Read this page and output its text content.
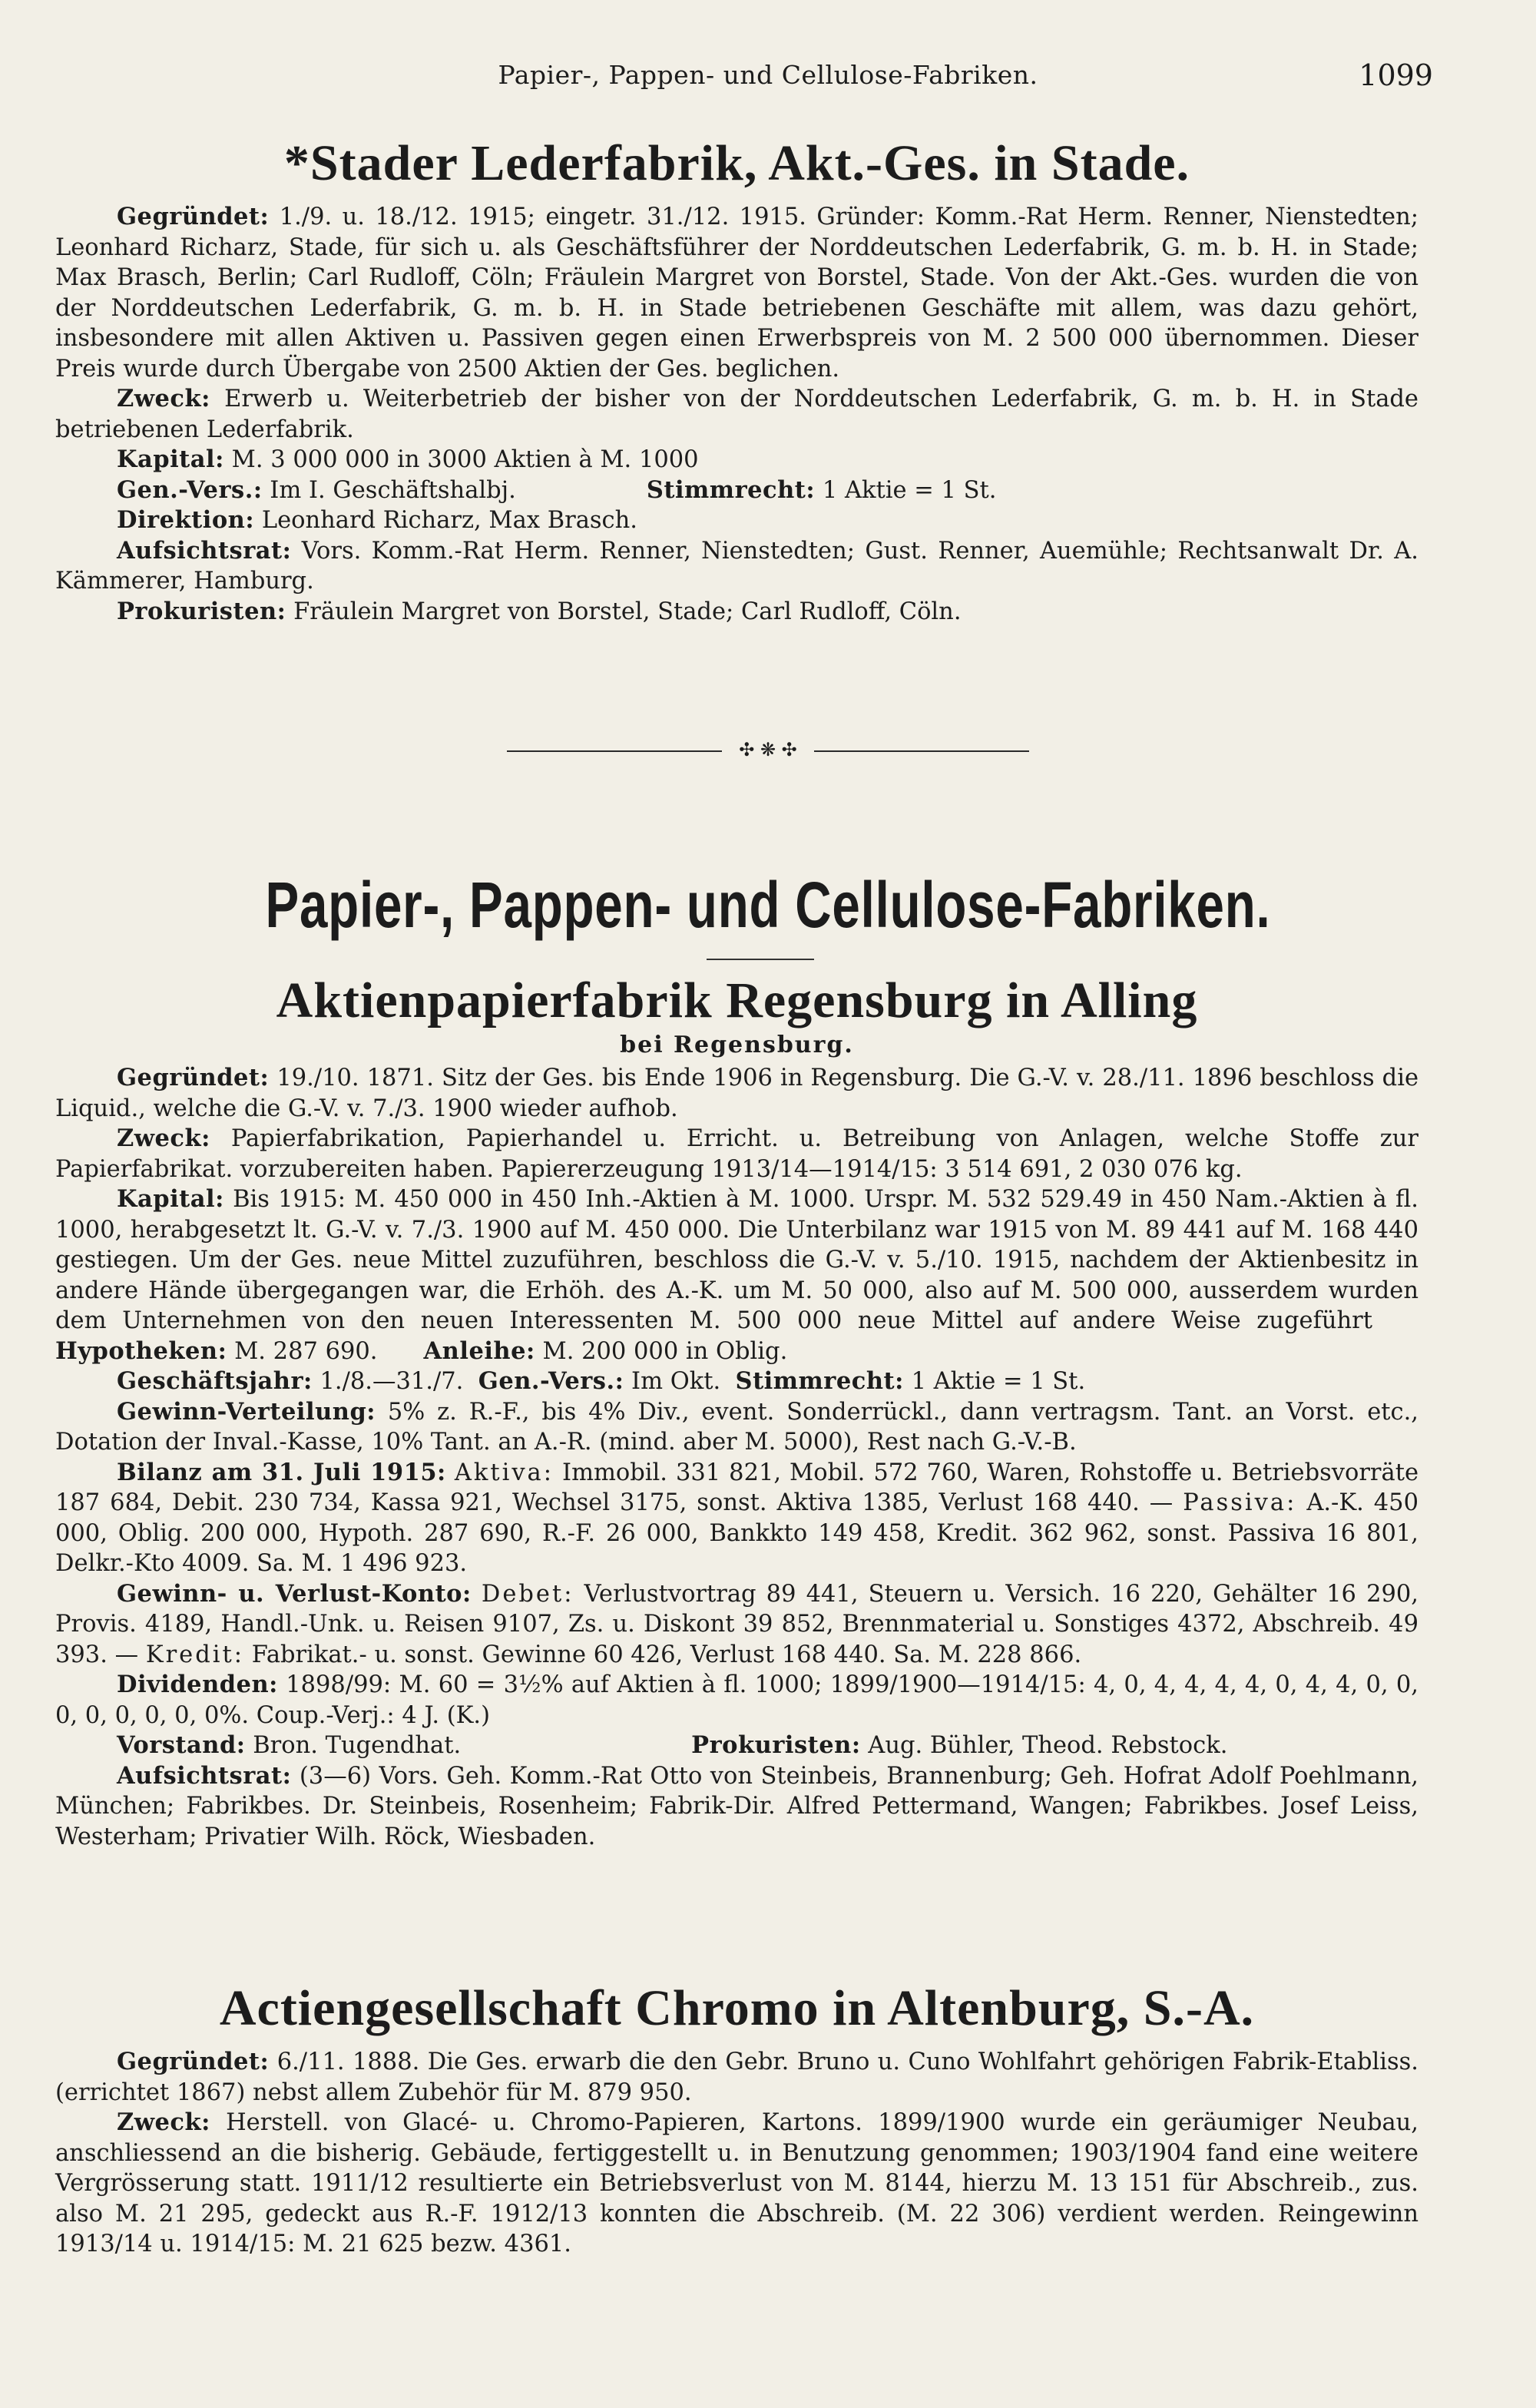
Papier-, Pappen- und Cellulose-Fabriken.	1099
*Stader Lederfabrik, Akt.-Ges. in Stade.

Gegründet: 1./9. u. 18./12. 1915; eingetr. 31./12. 1915. Gründer: Komm.-Rat Herm. Renner, Nienstedten; Leonhard Richarz, Stade, für sich u. als Geschäftsführer der Norddeutschen Lederfabrik, G. m. b. H. in Stade; Max Brasch, Berlin; Carl Rudloff, Cöln; Fräulein Margret von Borstel, Stade. Von der Akt.-Ges. wurden die von der Norddeutschen Lederfabrik, G. m. b. H. in Stade betriebenen Geschäfte mit allem, was dazu gehört, insbesondere mit allen Aktiven u. Passiven gegen einen Erwerbspreis von M. 2 500 000 übernommen. Dieser Preis wurde durch Übergabe von 2500 Aktien der Ges. beglichen.

Zweck: Erwerb u. Weiterbetrieb der bisher von der Norddeutschen Lederfabrik, G. m. b. H. in Stade betriebenen Lederfabrik.

Kapital: M. 3 000 000 in 3000 Aktien à M. 1000

Gen.-Vers.: Im I. Geschäftshalbj.	Stimmrecht: 1 Aktie = 1 St.

Direktion: Leonhard Richarz, Max Brasch.

Aufsichtsrat: Vors. Komm.-Rat Herm. Renner, Nienstedten; Gust. Renner, Auemühle; Rechtsanwalt Dr. A. Kämmerer, Hamburg.

Prokuristen: Fräulein Margret von Borstel, Stade; Carl Rudloff, Cöln.

✣ ❋ ✣
Papier-, Pappen- und Cellulose-Fabriken.
Aktienpapierfabrik Regensburg in Alling
bei Regensburg.

Gegründet: 19./10. 1871. Sitz der Ges. bis Ende 1906 in Regensburg. Die G.-V. v. 28./11. 1896 beschloss die Liquid., welche die G.-V. v. 7./3. 1900 wieder aufhob.

Zweck: Papierfabrikation, Papierhandel u. Erricht. u. Betreibung von Anlagen, welche Stoffe zur Papierfabrikat. vorzubereiten haben. Papiererzeugung 1913/14—1914/15: 3 514 691, 2 030 076 kg.

Kapital: Bis 1915: M. 450 000 in 450 Inh.-Aktien à M. 1000. Urspr. M. 532 529.49 in 450 Nam.-Aktien à fl. 1000, herabgesetzt lt. G.-V. v. 7./3. 1900 auf M. 450 000. Die Unterbilanz war 1915 von M. 89 441 auf M. 168 440 gestiegen. Um der Ges. neue Mittel zuzuführen, beschloss die G.-V. v. 5./10. 1915, nachdem der Aktienbesitz in andere Hände übergegangen war, die Erhöh. des A.-K. um M. 50 000, also auf M. 500 000, ausserdem wurden dem Unternehmen von den neuen Interessenten M. 500 000 neue Mittel auf andere Weise zugeführtHypotheken: M. 287 690. Anleihe: M. 200 000 in Oblig.

Geschäftsjahr: 1./8.—31./7. Gen.-Vers.: Im Okt. Stimmrecht: 1 Aktie = 1 St.

Gewinn-Verteilung: 5% z. R.-F., bis 4% Div., event. Sonderrückl., dann vertragsm. Tant. an Vorst. etc., Dotation der Inval.-Kasse, 10% Tant. an A.-R. (mind. aber M. 5000), Rest nach G.-V.-B.

Bilanz am 31. Juli 1915: Aktiva: Immobil. 331 821, Mobil. 572 760, Waren, Rohstoffe u. Betriebsvorräte 187 684, Debit. 230 734, Kassa 921, Wechsel 3175, sonst. Aktiva 1385, Verlust 168 440. — Passiva: A.-K. 450 000, Oblig. 200 000, Hypoth. 287 690, R.-F. 26 000, Bankkto 149 458, Kredit. 362 962, sonst. Passiva 16 801, Delkr.-Kto 4009. Sa. M. 1 496 923.

Gewinn- u. Verlust-Konto: Debet: Verlustvortrag 89 441, Steuern u. Versich. 16 220, Gehälter 16 290, Provis. 4189, Handl.-Unk. u. Reisen 9107, Zs. u. Diskont 39 852, Brennmaterial u. Sonstiges 4372, Abschreib. 49 393. — Kredit: Fabrikat.- u. sonst. Gewinne 60 426, Verlust 168 440. Sa. M. 228 866.

Dividenden: 1898/99: M. 60 = 3½% auf Aktien à fl. 1000; 1899/1900—1914/15: 4, 0, 4, 4, 4, 4, 0, 4, 4, 0, 0, 0, 0, 0, 0, 0, 0%. Coup.-Verj.: 4 J. (K.)

Vorstand: Bron. Tugendhat.	Prokuristen: Aug. Bühler, Theod. Rebstock.

Aufsichtsrat: (3—6) Vors. Geh. Komm.-Rat Otto von Steinbeis, Brannenburg; Geh. Hofrat Adolf Poehlmann, München; Fabrikbes. Dr. Steinbeis, Rosenheim; Fabrik-Dir. Alfred Pettermand, Wangen; Fabrikbes. Josef Leiss, Westerham; Privatier Wilh. Röck, Wiesbaden.

Actiengesellschaft Chromo in Altenburg, S.-A.

Gegründet: 6./11. 1888. Die Ges. erwarb die den Gebr. Bruno u. Cuno Wohlfahrt gehörigen Fabrik-Etabliss. (errichtet 1867) nebst allem Zubehör für M. 879 950.

Zweck: Herstell. von Glacé- u. Chromo-Papieren, Kartons. 1899/1900 wurde ein geräumiger Neubau, anschliessend an die bisherig. Gebäude, fertiggestellt u. in Benutzung genommen; 1903/1904 fand eine weitere Vergrösserung statt. 1911/12 resultierte ein Betriebsverlust von M. 8144, hierzu M. 13 151 für Abschreib., zus. also M. 21 295, gedeckt aus R.-F. 1912/13 konnten die Abschreib. (M. 22 306) verdient werden. Reingewinn 1913/14 u. 1914/15: M. 21 625 bezw. 4361.
